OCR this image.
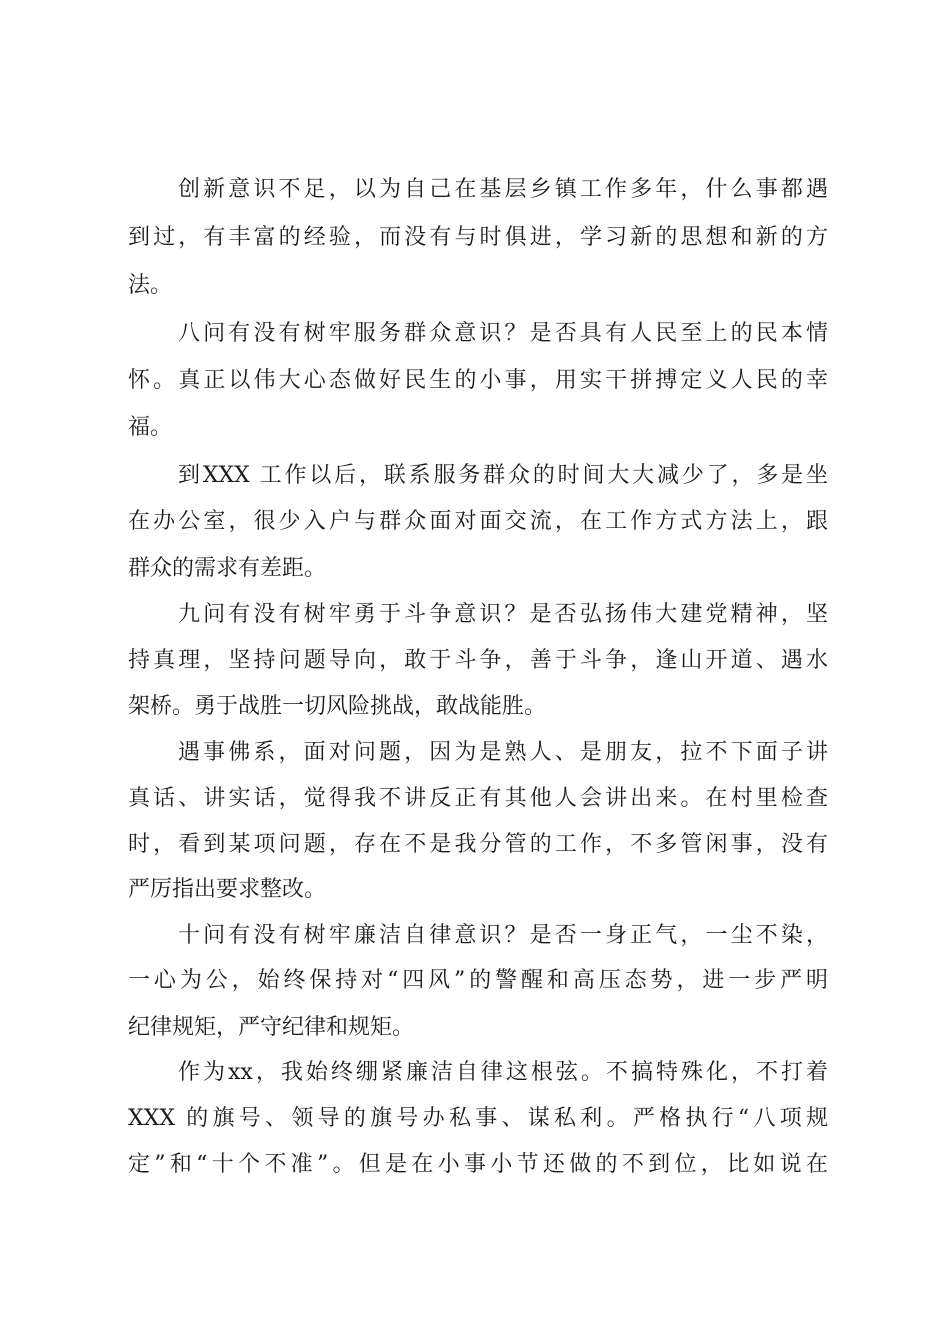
创新意识不足，以为自己在基层乡镇工作多年，什么事都遇
到过，有丰富的经验，而没有与时俱进，学习新的思想和新的方
法。
八问有没有树牢服务群众意识？是否具有人民至上的民本情
怀。真正以伟大心态做好民生的小事，用实干拼搏定义人民的幸
福。
到XXX 工作以后，联系服务群众的时间大大减少了，多是坐
在办公室，很少入户与群众面对面交流，在工作方式方法上，跟
群众的需求有差距。
九问有没有树牢勇于斗争意识？是否弘扬伟大建党精神，坚
持真理，坚持问题导向，敢于斗争，善于斗争，逢山开道、遇水
架桥。勇于战胜一切风险挑战，敢战能胜。
遇事佛系，面对问题，因为是熟人、是朋友，拉不下面子讲
真话、讲实话，觉得我不讲反正有其他人会讲出来。在村里检查
时，看到某项问题，存在不是我分管的工作，不多管闲事，没有
严厉指出要求整改。
十问有没有树牢廉洁自律意识？是否一身正气，一尘不染，
一心为公，始终保持对“四风”的警醒和高压态势，进一步严明
纪律规矩，严守纪律和规矩。
作为xx，我始终绷紧廉洁自律这根弦。不搞特殊化，不打着
XXX 的旗号、领导的旗号办私事、谋私利。严格执行“八项规
定”和“十个不准”。但是在小事小节还做的不到位，比如说在
